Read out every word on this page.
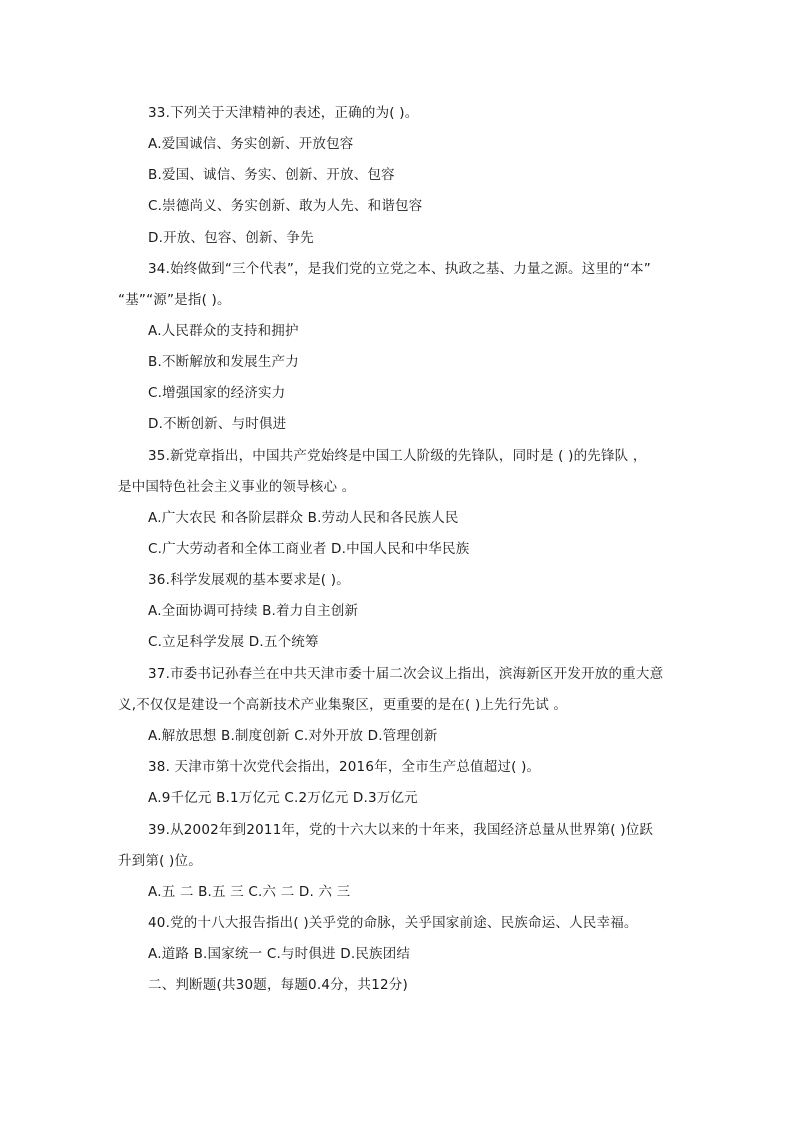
33.下列关于天津精神的表述，正确的为( )。
A.爱国诚信、务实创新、开放包容
B.爱国、诚信、务实、创新、开放、包容
C.崇德尚义、务实创新、敢为人先、和谐包容
D.开放、包容、创新、争先
34.始终做到“三个代表”，是我们党的立党之本、执政之基、力量之源。这里的“本”
“基”“源”是指( )。
A.人民群众的支持和拥护
B.不断解放和发展生产力
C.增强国家的经济实力
D.不断创新、与时俱进
35.新党章指出，中国共产党始终是中国工人阶级的先锋队，同时是 ( )的先锋队 ，
是中国特色社会主义事业的领导核心 。
A.广大农民 和各阶层群众 B.劳动人民和各民族人民
C.广大劳动者和全体工商业者 D.中国人民和中华民族
36.科学发展观的基本要求是( )。
A.全面协调可持续 B.着力自主创新
C.立足科学发展 D.五个统筹
37.市委书记孙春兰在中共天津市委十届二次会议上指出，滨海新区开发开放的重大意
义,不仅仅是建设一个高新技术产业集聚区，更重要的是在( )上先行先试 。
A.解放思想 B.制度创新 C.对外开放 D.管理创新
38. 天津市第十次党代会指出，2016年，全市生产总值超过( )。
A.9千亿元 B.1万亿元 C.2万亿元 D.3万亿元
39.从2002年到2011年，党的十六大以来的十年来，我国经济总量从世界第( )位跃
升到第( )位。
A.五 二 B.五 三 C.六 二 D. 六 三
40.党的十八大报告指出( )关乎党的命脉，关乎国家前途、民族命运、人民幸福。
A.道路 B.国家统一 C.与时俱进 D.民族团结
二、判断题(共30题，每题0.4分，共12分)
